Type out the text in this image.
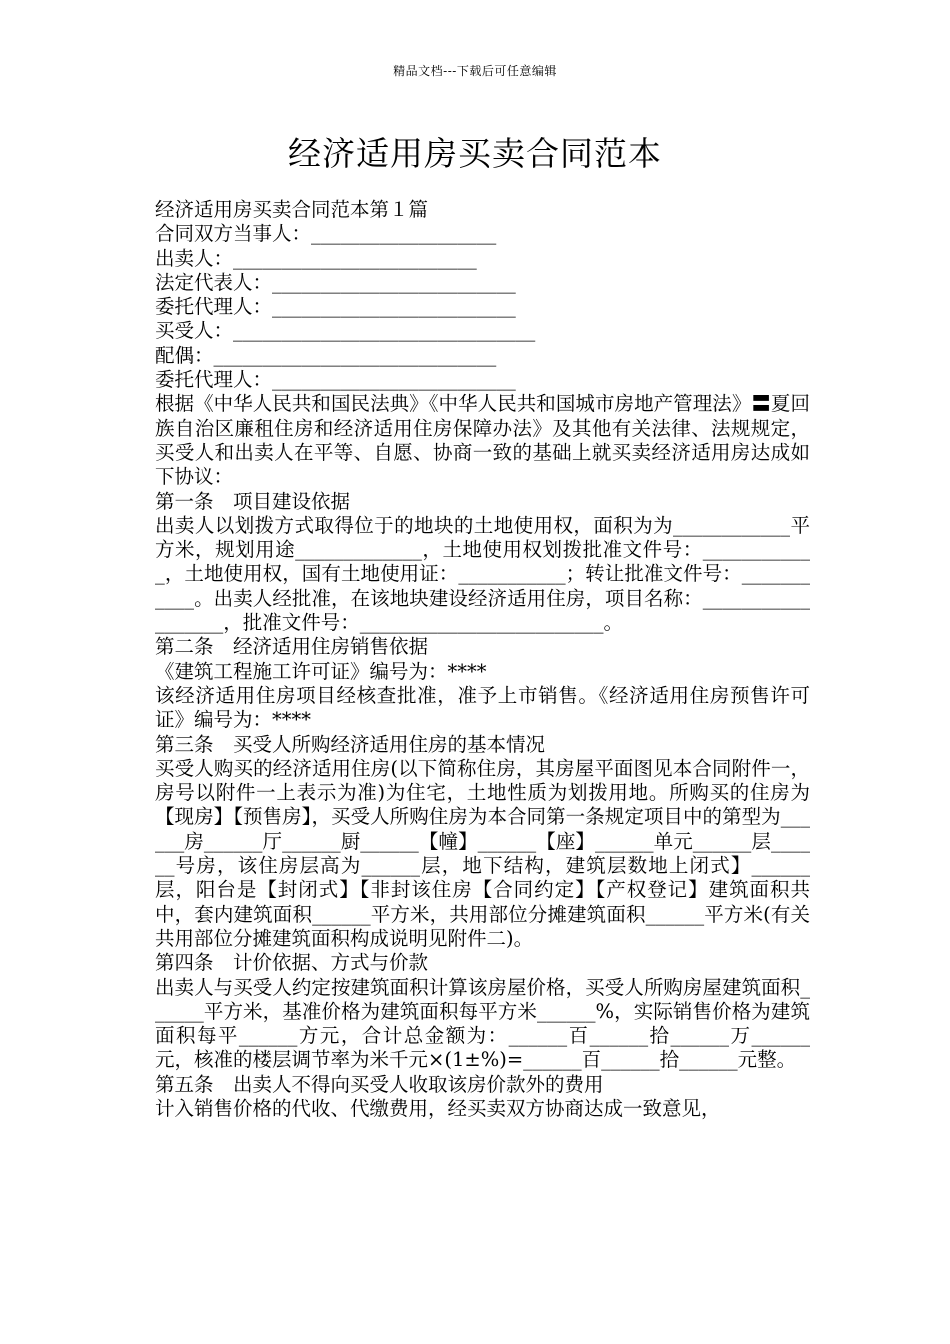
精品文档---下载后可任意编辑
经济适用房买卖合同范本

经济适用房买卖合同范本第１篇

合同双方当事人：___________________

出卖人：_________________________

法定代表人：_________________________

委托代理人：_________________________

买受人：_______________________________

配偶：_____________________________

委托代理人：_________________________

根据《中华人民共和国民法典》《中华人民共和国城市房地产管理法》〓夏回族自治区廉租住房和经济适用住房保障办法》及其他有关法律、法规规定，买受人和出卖人在平等、自愿、协商一致的基础上就买卖经济适用房达成如下协议：

第一条　项目建设依据

出卖人以划拨方式取得位于的地块的土地使用权，面积为为____________平方米，规划用途_____________，土地使用权划拨批准文件号：____________，土地使用权，国有土地使用证：___________；转让批准文件号：___________。出卖人经批准，在该地块建设经济适用住房，项目名称：__________________，批准文件号：_________________________。

第二条　经济适用住房销售依据

《建筑工程施工许可证》编号为：****

该经济适用住房项目经核查批准，准予上市销售。《经济适用住房预售许可证》编号为：****

第三条　买受人所购经济适用住房的基本情况

买受人购买的经济适用住房(以下简称住房，其房屋平面图见本合同附件一，房号以附件一上表示为准)为住宅，土地性质为划拨用地。所购买的住房为【现房】【预售房】，买受人所购住房为本合同第一条规定项目中的第型为______房______厅______厨______【幢】______【座】______单元______层______号房，该住房层高为______层，地下结构，建筑层数地上闭式】______层，阳台是【封闭式】【非封该住房【合同约定】【产权登记】建筑面积共中，套内建筑面积______平方米，共用部位分摊建筑面积______平方米(有关共用部位分摊建筑面积构成说明见附件二)。

第四条　计价依据、方式与价款

出卖人与买受人约定按建筑面积计算该房屋价格，买受人所购房屋建筑面积______平方米，基准价格为建筑面积每平方米______%，实际销售价格为建筑面积每平______方元，合计总金额为：______百______拾______万______元，核准的楼层调节率为米千元×(1±%)=______百______拾______元整。

第五条　出卖人不得向买受人收取该房价款外的费用

计入销售价格的代收、代缴费用，经买卖双方协商达成一致意见，
